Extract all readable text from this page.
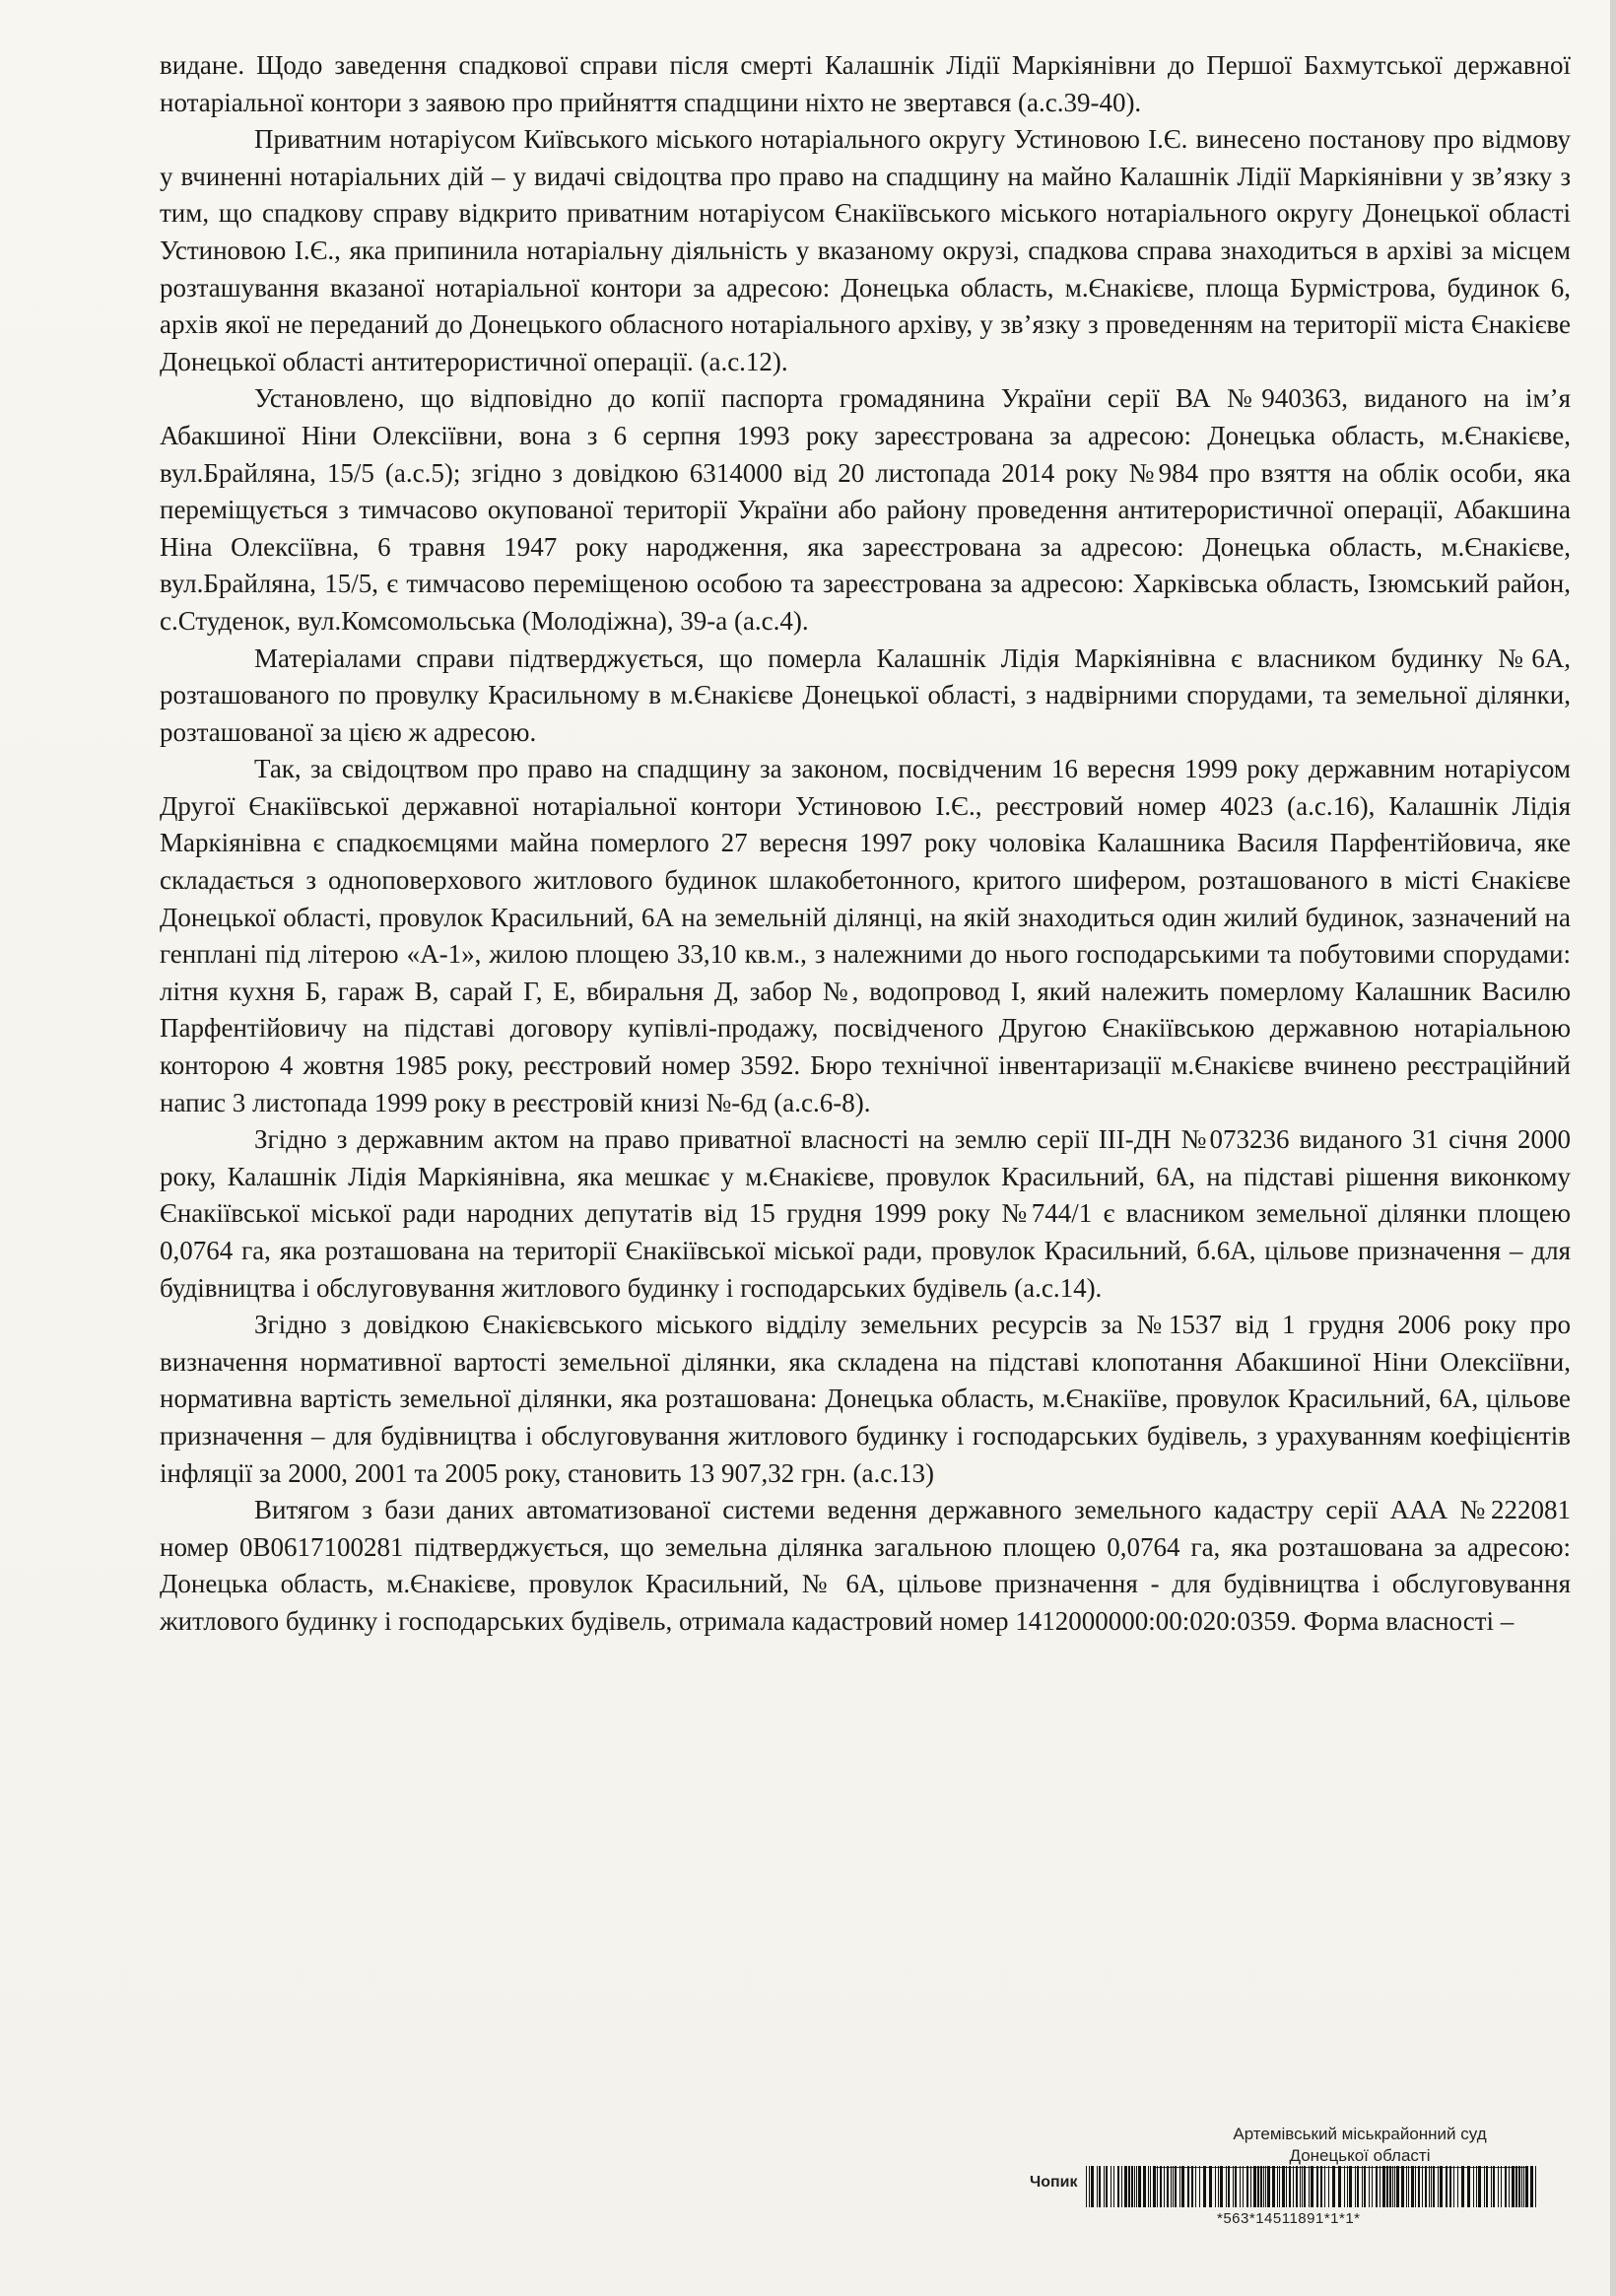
видане. Щодо заведення спадкової справи після смерті Калашнік Лідії Маркіянівни до Першої Бахмутської державної нотаріальної контори з заявою про прийняття спадщини ніхто не звертався (а.с.39-40).

Приватним нотаріусом Київського міського нотаріального округу Устиновою І.Є. винесено постанову про відмову у вчиненні нотаріальних дій – у видачі свідоцтва про право на спадщину на майно Калашнік Лідії Маркіянівни у зв’язку з тим, що спадкову справу відкрито приватним нотаріусом Єнакіївського міського нотаріального округу Донецької області Устиновою І.Є., яка припинила нотаріальну діяльність у вказаному окрузі, спадкова справа знаходиться в архіві за місцем розташування вказаної нотаріальної контори за адресою: Донецька область, м.Єнакієве, площа Бурмістрова, будинок 6, архів якої не переданий до Донецького обласного нотаріального архіву, у зв’язку з проведенням на території міста Єнакієве Донецької області антитерористичної операції. (а.с.12).

Установлено, що відповідно до копії паспорта громадянина України серії ВА №940363, виданого на ім’я Абакшиної Ніни Олексіївни, вона з 6 серпня 1993 року зареєстрована за адресою: Донецька область, м.Єнакієве, вул.Брайляна, 15/5 (а.с.5); згідно з довідкою 6314000 від 20 листопада 2014 року №984 про взяття на облік особи, яка переміщується з тимчасово окупованої території України або району проведення антитерористичної операції, Абакшина Ніна Олексіївна, 6 травня 1947 року народження, яка зареєстрована за адресою: Донецька область, м.Єнакієве, вул.Брайляна, 15/5, є тимчасово переміщеною особою та зареєстрована за адресою: Харківська область, Ізюмський район, с.Студенок, вул.Комсомольська (Молодіжна), 39-а (а.с.4).

Матеріалами справи підтверджується, що померла Калашнік Лідія Маркіянівна є власником будинку №6А, розташованого по провулку Красильному в м.Єнакієве Донецької області, з надвірними спорудами, та земельної ділянки, розташованої за цією ж адресою.

Так, за свідоцтвом про право на спадщину за законом, посвідченим 16 вересня 1999 року державним нотаріусом Другої Єнакіївської державної нотаріальної контори Устиновою І.Є., реєстровий номер 4023 (а.с.16), Калашнік Лідія Маркіянівна є спадкоємцями майна померлого 27 вересня 1997 року чоловіка Калашника Василя Парфентійовича, яке складається з одноповерхового житлового будинок шлакобетонного, критого шифером, розташованого в місті Єнакієве Донецької області, провулок Красильний, 6А на земельній ділянці, на якій знаходиться один жилий будинок, зазначений на генплані під літерою «А-1», жилою площею 33,10 кв.м., з належними до нього господарськими та побутовими спорудами: літня кухня Б, гараж В, сарай Г, Е, вбиральня Д, забор №, водопровод І, який належить померлому Калашник Василю Парфентійовичу на підставі договору купівлі-продажу, посвідченого Другою Єнакіївською державною нотаріальною конторою 4 жовтня 1985 року, реєстровий номер 3592. Бюро технічної інвентаризації м.Єнакієве вчинено реєстраційний напис 3 листопада 1999 року в реєстровій книзі №-6д (а.с.6-8).

Згідно з державним актом на право приватної власності на землю серії ІІІ-ДН №073236 виданого 31 січня 2000 року, Калашнік Лідія Маркіянівна, яка мешкає у м.Єнакієве, провулок Красильний, 6А, на підставі рішення виконкому Єнакіївської міської ради народних депутатів від 15 грудня 1999 року №744/1 є власником земельної ділянки площею 0,0764 га, яка розташована на території Єнакіївської міської ради, провулок Красильний, б.6А, цільове призначення – для будівництва і обслуговування житлового будинку і господарських будівель (а.с.14).

Згідно з довідкою Єнакієвського міського відділу земельних ресурсів за №1537 від 1 грудня 2006 року про визначення нормативної вартості земельної ділянки, яка складена на підставі клопотання Абакшиної Ніни Олексіївни, нормативна вартість земельної ділянки, яка розташована: Донецька область, м.Єнакіїве, провулок Красильний, 6А, цільове призначення – для будівництва і обслуговування житлового будинку і господарських будівель, з урахуванням коефіцієнтів інфляції за 2000, 2001 та 2005 року, становить 13 907,32 грн. (а.с.13)

Витягом з бази даних автоматизованої системи ведення державного земельного кадастру серії ААА №222081 номер 0В0617100281 підтверджується, що земельна ділянка загальною площею 0,0764 га, яка розташована за адресою: Донецька область, м.Єнакієве, провулок Красильний, № 6А, цільове призначення - для будівництва і обслуговування житлового будинку і господарських будівель, отримала кадастровий номер 1412000000:00:020:0359. Форма власності –

Артемівський міськрайонний суд
Донецької області
Чопик
*563*14511891*1*1*
